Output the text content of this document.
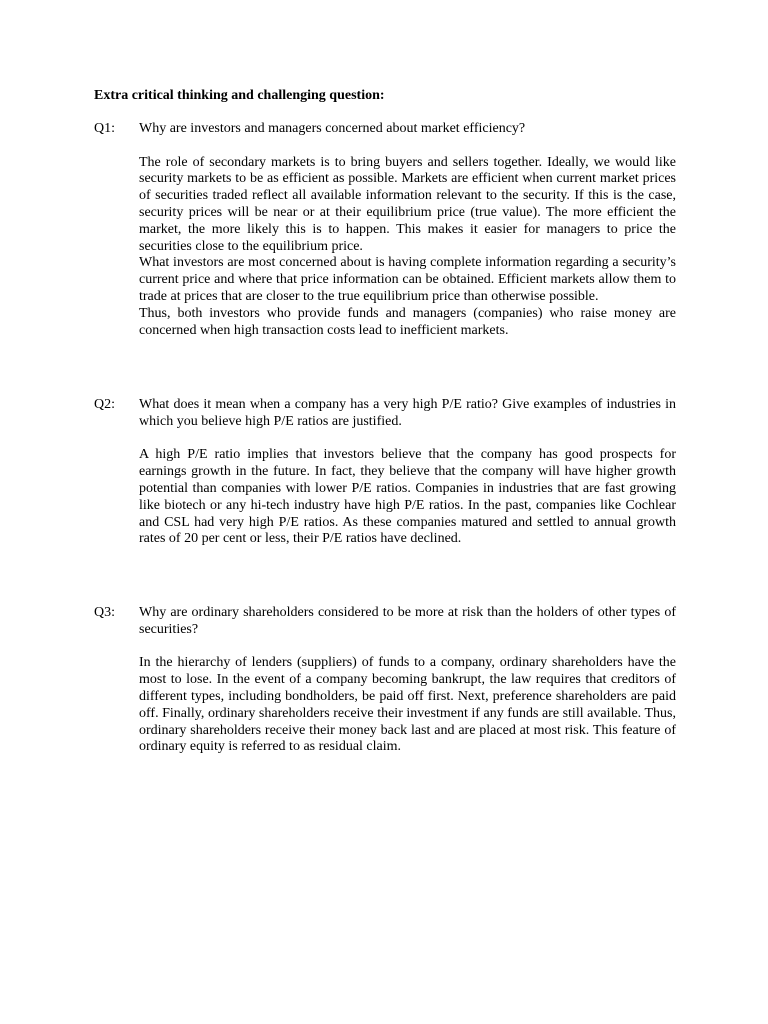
Extra critical thinking and challenging question:
Q1: Why are investors and managers concerned about market efficiency?

The role of secondary markets is to bring buyers and sellers together. Ideally, we would like security markets to be as efficient as possible. Markets are efficient when current market prices of securities traded reflect all available information relevant to the security. If this is the case, security prices will be near or at their equilibrium price (true value). The more efficient the market, the more likely this is to happen. This makes it easier for managers to price the securities close to the equilibrium price.

What investors are most concerned about is having complete information regarding a security’s current price and where that price information can be obtained. Efficient markets allow them to trade at prices that are closer to the true equilibrium price than otherwise possible.

Thus, both investors who provide funds and managers (companies) who raise money are concerned when high transaction costs lead to inefficient markets.

Q2: What does it mean when a company has a very high P/E ratio? Give examples of industries in which you believe high P/E ratios are justified.

A high P/E ratio implies that investors believe that the company has good prospects for earnings growth in the future. In fact, they believe that the company will have higher growth potential than companies with lower P/E ratios. Companies in industries that are fast growing like biotech or any hi-tech industry have high P/E ratios. In the past, companies like Cochlear and CSL had very high P/E ratios. As these companies matured and settled to annual growth rates of 20 per cent or less, their P/E ratios have declined.

Q3: Why are ordinary shareholders considered to be more at risk than the holders of other types of securities?

In the hierarchy of lenders (suppliers) of funds to a company, ordinary shareholders have the most to lose. In the event of a company becoming bankrupt, the law requires that creditors of different types, including bondholders, be paid off first. Next, preference shareholders are paid off. Finally, ordinary shareholders receive their investment if any funds are still available. Thus, ordinary shareholders receive their money back last and are placed at most risk. This feature of ordinary equity is referred to as residual claim.
